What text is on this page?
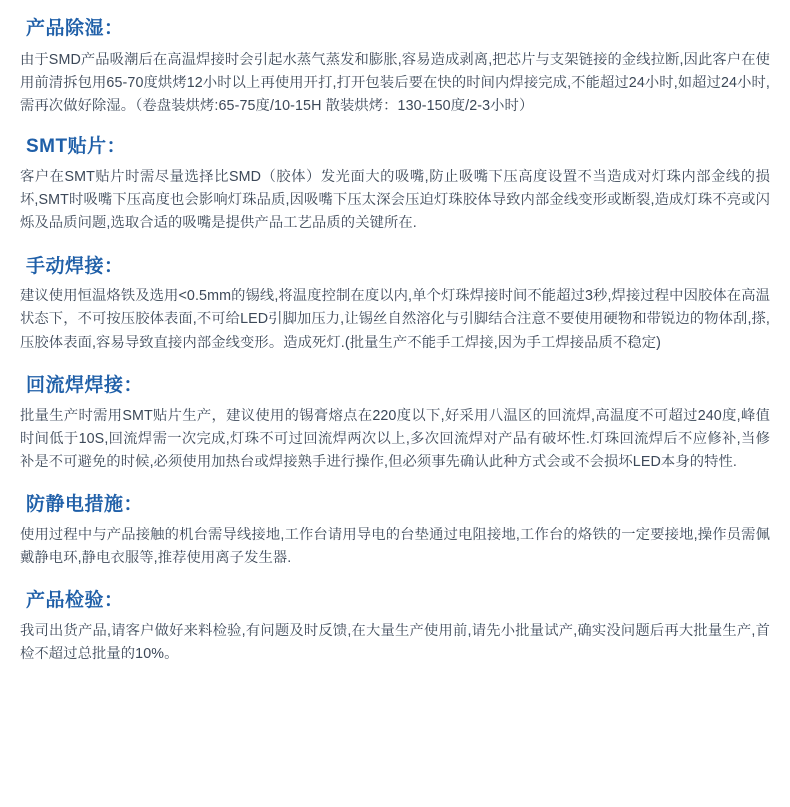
产品除湿：

由于SMD产品吸潮后在高温焊接时会引起水蒸气蒸发和膨胀,容易造成剥离,把芯片与支架链接的金线拉断,因此客户在使用前清拆包用65-70度烘烤12小时以上再使用开打,打开包装后要在快的时间内焊接完成,不能超过24小时,如超过24小时,需再次做好除湿。（卷盘装烘烤:65-75度/10-15H 散装烘烤：130-150度/2-3小时）

SMT贴片：

客户在SMT贴片时需尽量选择比SMD（胶体）发光面大的吸嘴,防止吸嘴下压高度设置不当造成对灯珠内部金线的损坏,SMT时吸嘴下压高度也会影响灯珠品质,因吸嘴下压太深会压迫灯珠胶体导致内部金线变形或断裂,造成灯珠不亮或闪烁及品质问题,选取合适的吸嘴是提供产品工艺品质的关键所在.

手动焊接：

建议使用恒温烙铁及选用<0.5mm的锡线,将温度控制在度以内,单个灯珠焊接时间不能超过3秒,焊接过程中因胶体在高温状态下，不可按压胶体表面,不可给LED引脚加压力,让锡丝自然溶化与引脚结合注意不要使用硬物和带锐边的物体刮,搽,压胶体表面,容易导致直接内部金线变形。造成死灯.(批量生产不能手工焊接,因为手工焊接品质不稳定)

回流焊焊接：

批量生产时需用SMT贴片生产，建议使用的锡膏熔点在220度以下,好采用八温区的回流焊,高温度不可超过240度,峰值时间低于10S,回流焊需一次完成,灯珠不可过回流焊两次以上,多次回流焊对产品有破坏性.灯珠回流焊后不应修补,当修补是不可避免的时候,必须使用加热台或焊接熟手进行操作,但必须事先确认此种方式会或不会损坏LED本身的特性.

防静电措施：

使用过程中与产品接触的机台需导线接地,工作台请用导电的台垫通过电阻接地,工作台的烙铁的一定要接地,操作员需佩戴静电环,静电衣服等,推荐使用离子发生器.

产品检验：

我司出货产品,请客户做好来料检验,有问题及时反馈,在大量生产使用前,请先小批量试产,确实没问题后再大批量生产,首检不超过总批量的10%。
